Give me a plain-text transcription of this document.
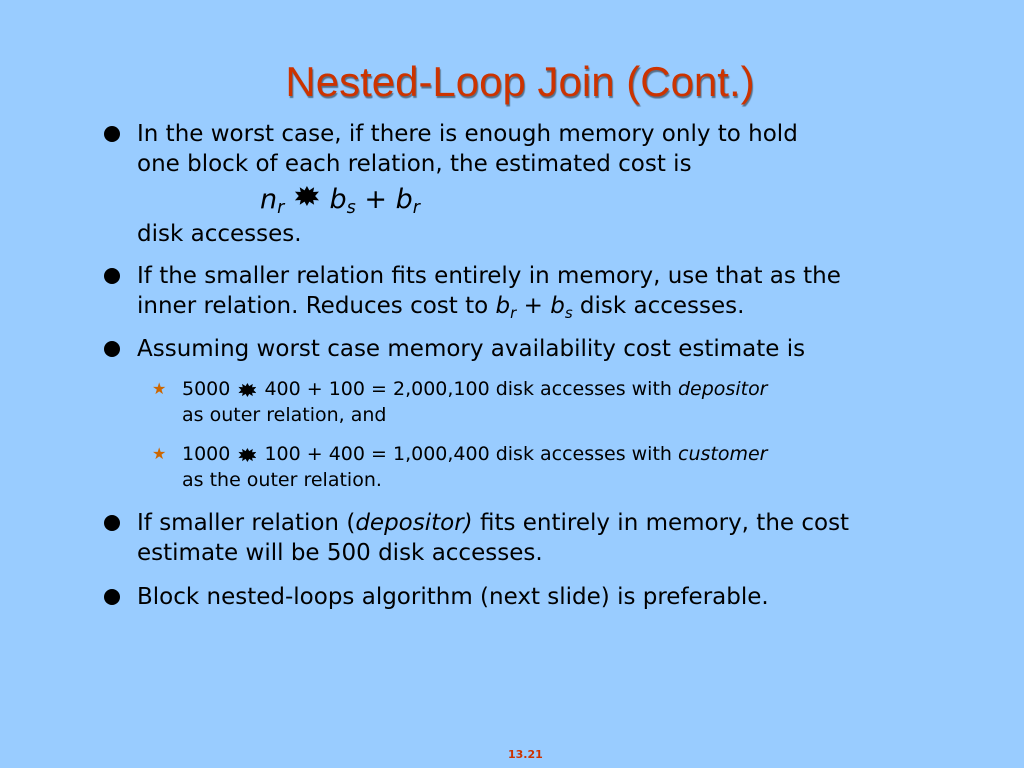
Nested-Loop Join (Cont.)
In the worst case, if there is enough memory only to hold
one block of each relation, the estimated cost is
$n_r$ $b_s + b_r$
disk accesses.
If the smaller relation fits entirely in memory, use that as the
inner relation. Reduces cost to $b_r + b_s$ disk accesses.
Assuming worst case memory availability cost estimate is
★ 5000  400 + 100 = 2,000,100 disk accesses with depositor
as outer relation, and
★ 1000  100 + 400 = 1,000,400 disk accesses with customer
as the outer relation.
If smaller relation (depositor) fits entirely in memory, the cost
estimate will be 500 disk accesses.
Block nested-loops algorithm (next slide) is preferable.
13.21
